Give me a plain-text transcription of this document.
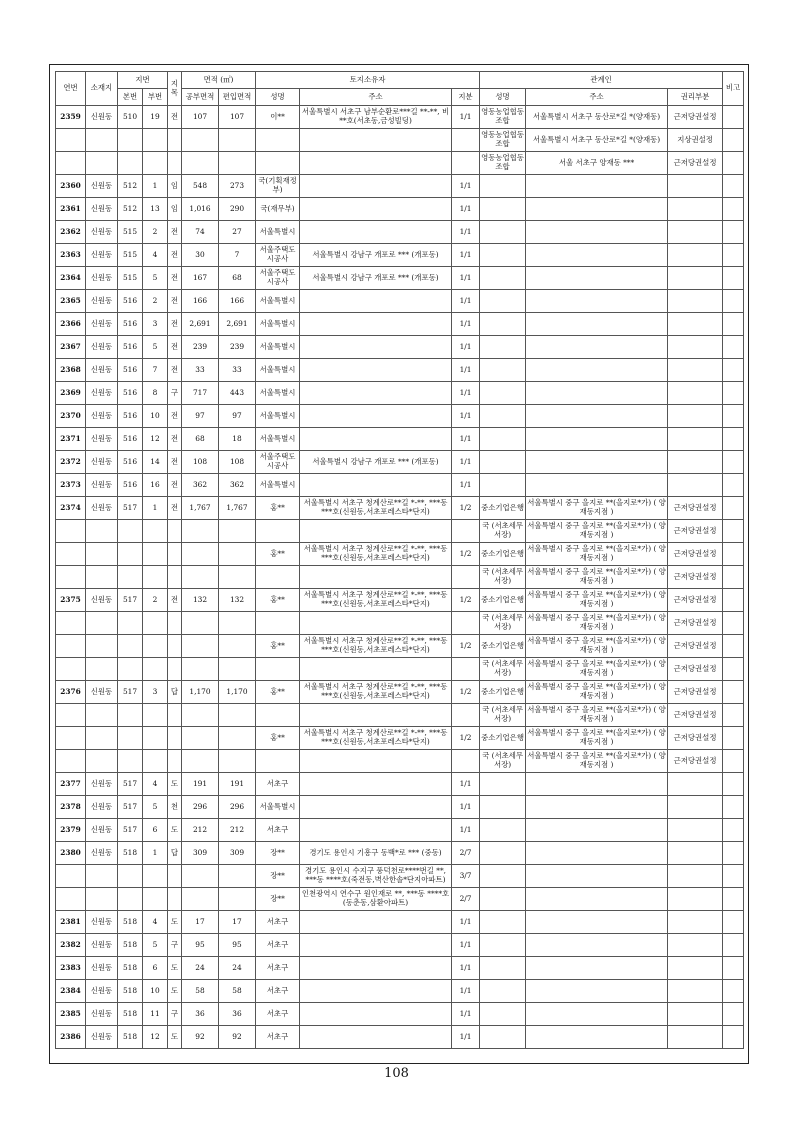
연번	소재지	지번		지목	면적 (㎡)		토지소유자			관계인			비고
		본번	부번		공부면적	편입면적	성명	주소	지분	성명	주소	권리부분	
2359	신원동	510	19	전	107	107	이**	서울특별시 서초구 남부순환로***길 **-**, 비**호(서초동,금성빌딩)	1/1	영동농업협동조합	서울특별시 서초구 동산로*길 *(양재동)	근저당권설정	
										영동농업협동조합	서울특별시 서초구 동산로*길 *(양재동)	지상권설정	
										영동농업협동조합	서울 서초구 양재동 ***	근저당권설정	
2360	신원동	512	1	임	548	273	국(기획재정부)		1/1				
2361	신원동	512	13	임	1,016	290	국(재무부)		1/1				
2362	신원동	515	2	전	74	27	서울특별시		1/1				
2363	신원동	515	4	전	30	7	서울주택도시공사	서울특별시 강남구 개포로 *** (개포동)	1/1				
2364	신원동	515	5	전	167	68	서울주택도시공사	서울특별시 강남구 개포로 *** (개포동)	1/1				
2365	신원동	516	2	전	166	166	서울특별시		1/1				
2366	신원동	516	3	전	2,691	2,691	서울특별시		1/1				
2367	신원동	516	5	전	239	239	서울특별시		1/1				
2368	신원동	516	7	전	33	33	서울특별시		1/1				
2369	신원동	516	8	구	717	443	서울특별시		1/1				
2370	신원동	516	10	전	97	97	서울특별시		1/1				
2371	신원동	516	12	전	68	18	서울특별시		1/1				
2372	신원동	516	14	전	108	108	서울주택도시공사	서울특별시 강남구 개포로 *** (개포동)	1/1				
2373	신원동	516	16	전	362	362	서울특별시		1/1				
2374	신원동	517	1	전	1,767	1,767	홍**	서울특별시 서초구 청계산로**길 *-**, ***동 ***호(신원동,서초포레스타*단지)	1/2	중소기업은행	서울특별시 중구 을지로 **(을지로*가) ( 양재동지점 )	근저당권설정	
										국 (서초세무서장)	서울특별시 중구 을지로 **(을지로*가) ( 양재동지점 )	근저당권설정	
							홍**	서울특별시 서초구 청계산로**길 *-**, ***동 ***호(신원동,서초포레스타*단지)	1/2	중소기업은행	서울특별시 중구 을지로 **(을지로*가) ( 양재동지점 )	근저당권설정	
										국 (서초세무서장)	서울특별시 중구 을지로 **(을지로*가) ( 양재동지점 )	근저당권설정	
2375	신원동	517	2	전	132	132	홍**	서울특별시 서초구 청계산로**길 *-**, ***동***호(신원동,서초포레스타*단지)	1/2	중소기업은행	서울특별시 중구 을지로 **(을지로*가) ( 양재동지점 )	근저당권설정	
										국 (서초세무서장)	서울특별시 중구 을지로 **(을지로*가) ( 양재동지점 )	근저당권설정	
							홍**	서울특별시 서초구 청계산로**길 *-**, ***동***호(신원동,서초포레스타*단지)	1/2	중소기업은행	서울특별시 중구 을지로 **(을지로*가) ( 양재동지점 )	근저당권설정	
										국 (서초세무서장)	서울특별시 중구 을지로 **(을지로*가) ( 양재동지점 )	근저당권설정	
2376	신원동	517	3	답	1,170	1,170	홍**	서울특별시 서초구 청계산로**길 *-**, ***동***호(신원동,서초포레스타*단지)	1/2	중소기업은행	서울특별시 중구 을지로 **(을지로*가) ( 양재동지점 )	근저당권설정	
										국 (서초세무서장)	서울특별시 중구 을지로 **(을지로*가) ( 양재동지점 )	근저당권설정	
							홍**	서울특별시 서초구 청계산로**길 *-**, ***동***호(신원동,서초포레스타*단지)	1/2	중소기업은행	서울특별시 중구 을지로 **(을지로*가) ( 양재동지점 )	근저당권설정	
										국 (서초세무서장)	서울특별시 중구 을지로 **(을지로*가) ( 양재동지점 )	근저당권설정	
2377	신원동	517	4	도	191	191	서초구		1/1				
2378	신원동	517	5	천	296	296	서울특별시		1/1				
2379	신원동	517	6	도	212	212	서초구		1/1				
2380	신원동	518	1	답	309	309	장**	경기도 용인시 기흥구 동백*로 *** (중동)	2/7				
							장**	경기도 용인시 수지구 풍덕천로****번길 **, ***동 ****호(죽전동,벽산한솔*단지아파트)	3/7				
							장**	인천광역시 연수구 원인재로 **, ***동 ****호 (동춘동,삼환아파트)	2/7				
2381	신원동	518	4	도	17	17	서초구		1/1				
2382	신원동	518	5	구	95	95	서초구		1/1				
2383	신원동	518	6	도	24	24	서초구		1/1				
2384	신원동	518	10	도	58	58	서초구		1/1				
2385	신원동	518	11	구	36	36	서초구		1/1				
2386	신원동	518	12	도	92	92	서초구		1/1				
108
